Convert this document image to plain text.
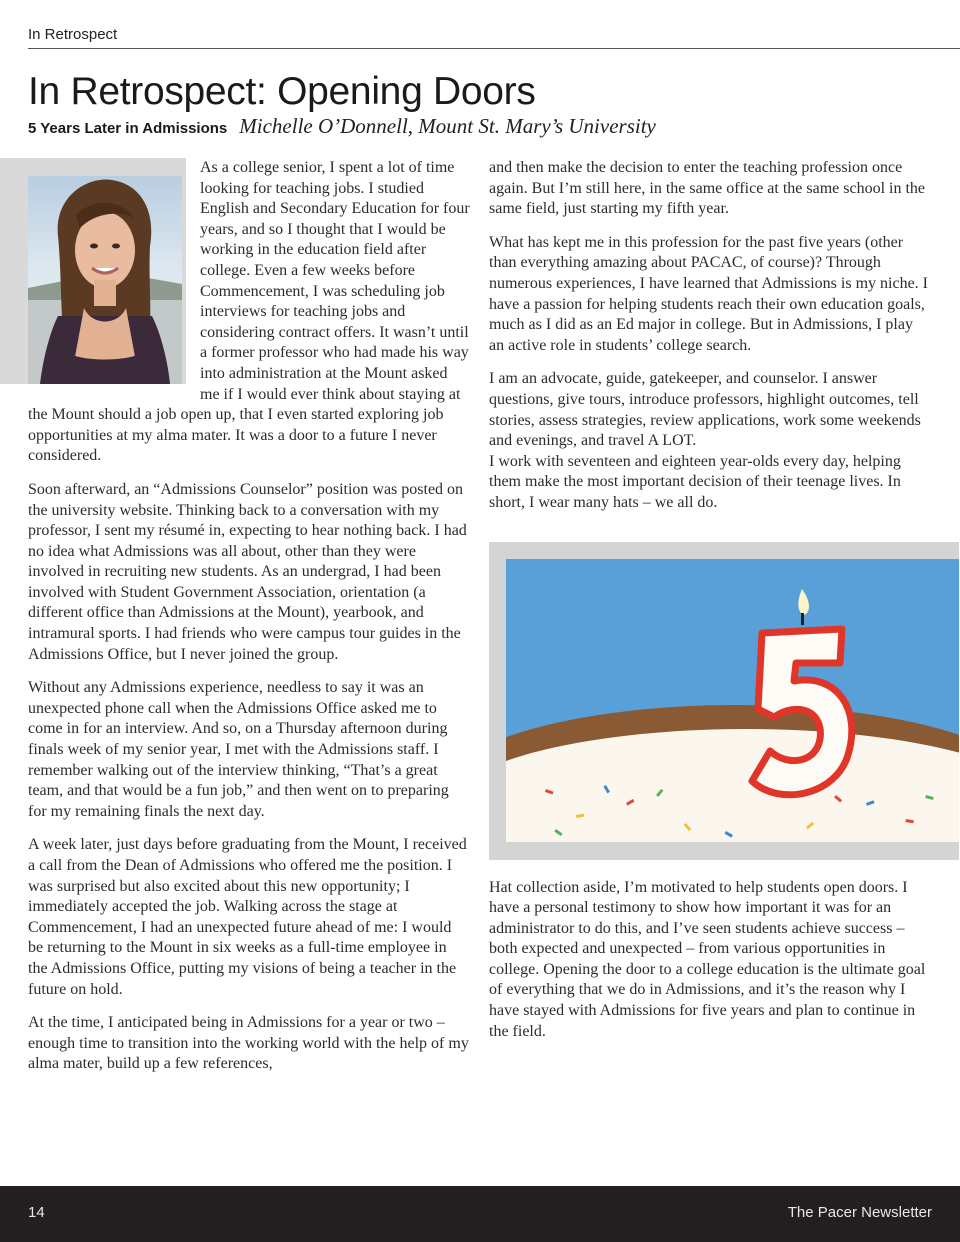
In Retrospect
In Retrospect: Opening Doors
5 Years Later in Admissions Michelle O’Donnell, Mount St. Mary’s University

As a college senior, I spent a lot of time looking for teaching jobs. I studied English and Secondary Education for four years, and so I thought that I would be working in the education field after college. Even a few weeks before Commencement, I was scheduling job interviews for teaching jobs and considering contract offers. It wasn’t until a former professor who had made his way into administration at the Mount asked me if I would ever think about staying at the Mount should a job open up, that I even started exploring job opportunities at my alma mater. It was a door to a future I never considered.

Soon afterward, an “Admissions Counselor” position was posted on the university website. Thinking back to a conversation with my professor, I sent my résumé in, expecting to hear nothing back. I had no idea what Admissions was all about, other than they were involved in recruiting new students. As an undergrad, I had been involved with Student Government Association, orientation (a different office than Admissions at the Mount), yearbook, and intramural sports. I had friends who were campus tour guides in the Admissions Office, but I never joined the group.

Without any Admissions experience, needless to say it was an unexpected phone call when the Admissions Office asked me to come in for an interview. And so, on a Thursday afternoon during finals week of my senior year, I met with the Admissions staff. I remember walking out of the interview thinking, “That’s a great team, and that would be a fun job,” and then went on to preparing for my remaining finals the next day.

A week later, just days before graduating from the Mount, I received a call from the Dean of Admissions who offered me the position. I was surprised but also excited about this new opportunity; I immediately accepted the job. Walking across the stage at Commencement, I had an unexpected future ahead of me: I would be returning to the Mount in six weeks as a full-time employee in the Admissions Office, putting my visions of being a teacher in the future on hold.

At the time, I anticipated being in Admissions for a year or two – enough time to transition into the working world with the help of my alma mater, build up a few references,

and then make the decision to enter the teaching profession once again. But I’m still here, in the same office at the same school in the same field, just starting my fifth year.

What has kept me in this profession for the past five years (other than everything amazing about PACAC, of course)? Through numerous experiences, I have learned that Admissions is my niche. I have a passion for helping students reach their own education goals, much as I did as an Ed major in college. But in Admissions, I play an active role in students’ college search.

I am an advocate, guide, gatekeeper, and counselor. I answer questions, give tours, introduce professors, highlight outcomes, tell stories, assess strategies, review applications, work some weekends and evenings, and travel A LOT.

I work with seventeen and eighteen year-olds every day, helping them make the most important decision of their teenage lives. In short, I wear many hats – we all do.

Hat collection aside, I’m motivated to help students open doors. I have a personal testimony to show how important it was for an administrator to do this, and I’ve seen students achieve success – both expected and unexpected – from various opportunities in college. Opening the door to a college education is the ultimate goal of everything that we do in Admissions, and it’s the reason why I have stayed with Admissions for five years and plan to continue in the field.

14	The Pacer Newsletter
